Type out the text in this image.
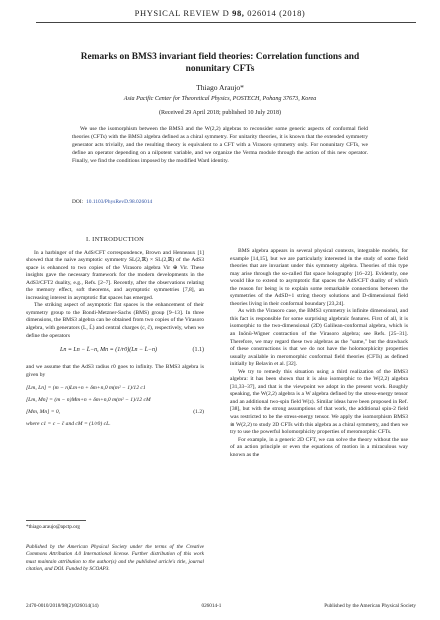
PHYSICAL REVIEW D 98, 026014 (2018)
Remarks on BMS3 invariant field theories: Correlation functions and nonunitary CFTs
Thiago Araujo*
Asia Pacific Center for Theoretical Physics, POSTECH, Pohang 37673, Korea
(Received 29 April 2018; published 10 July 2018)

We use the isomorphism between the BMS3 and the W(2,2) algebras to reconsider some generic aspects of conformal field theories (CFTs) with the BMS3 algebra defined as a chiral symmetry. For unitarity theories, it is known that the extended symmetry generator acts trivially, and the resulting theory is equivalent to a CFT with a Virasoro symmetry only. For nonunitary CFTs, we define an operator depending on a nilpotent variable, and we organize the Verma module through the action of this new operator. Finally, we find the conditions imposed by the modified Ward identity.

DOI: 10.1103/PhysRevD.98.026014
I. INTRODUCTION

In a harbinger of the AdS/CFT correspondence, Brown and Henneaux [1] showed that the naive asymptotic symmetry SL(2,ℝ) × SL(2,ℝ) of the AdS3 space is enhanced to two copies of the Virasoro algebra Vir ⊕ Vir. These insights gave the necessary framework for the modern developments in the AdS3/CFT2 duality, e.g., Refs. [2–7]. Recently, after the observations relating the memory effect, soft theorems, and asymptotic symmetries [7,8], an increasing interest in asymptotic flat spaces has emerged.

The striking aspect of asymptotic flat spaces is the enhancement of their symmetry group to the Bondi-Metzner-Sachs (BMS) group [9–13]. In three dimensions, the BMS3 algebra can be obtained from two copies of the Virasoro algebra, with generators (L, L̄) and central charges (c, c̄), respectively, when we define the operators

Ln ≡ Ln − L̄−n, Mn ≡ (1/r0)(Ln − L̄−n)	(1.1)

and we assume that the AdS3 radius r0 goes to infinity. The BMS3 algebra is given by

[Lm, Ln] = (m − n)Lm+n + δm+n,0 m(m² − 1)/12 c1
[Lm, Mn] = (m − n)Mm+n + δm+n,0 m(m² − 1)/12 cM
[Mm, Mn] = 0,	(1.2)
where c1 = c − c̄ and cM = (1/r0) cL.
*thiago.araujo@apctp.org
Published by the American Physical Society under the terms of the Creative Commons Attribution 4.0 International license. Further distribution of this work must maintain attribution to the author(s) and the published article's title, journal citation, and DOI. Funded by SCOAP3.

BMS algebra appears in several physical contexts, integrable models, for example [14,15], but we are particularly interested in the study of some field theories that are invariant under this symmetry algebra. Theories of this type may arise through the so-called flat space holography [16–22]. Evidently, one would like to extend to asymptotic flat spaces the AdS/CFT duality of which the reason for being is to explain some remarkable connections between the symmetries of the AdSD+1 string theory solutions and D-dimensional field theories living in their conformal boundary [23,24].

As with the Virasoro case, the BMS3 symmetry is infinite dimensional, and this fact is responsible for some surprising algebraic features. First of all, it is isomorphic to the two-dimensional (2D) Galilean-conformal algebra, which is an Inönü-Wigner contraction of the Virasoro algebra; see Refs. [25–31]. Therefore, we may regard these two algebras as the "same," but the drawback of these constructions is that we do not have the holomorphicity properties usually available in meromorphic conformal field theories (CFTs) as defined initially by Belavin et al. [32].

We try to remedy this situation using a third realization of the BMS3 algebra: it has been shown that it is also isomorphic to the W(2,2) algebra [31,33–37], and that is the viewpoint we adopt in the present work. Roughly speaking, the W(2,2) algebra is a W algebra defined by the stress-energy tensor and an additional two-spin field W(z). Similar ideas have been proposed in Ref. [38], but with the strong assumptions of that work, the additional spin-2 field was restricted to be the stress-energy tensor. We apply the isomorphism BMS3 ≅ W(2,2) to study 2D CFTs with this algebra as a chiral symmetry, and then we try to use the powerful holomorphicity properties of meromorphic CFTs.

For example, in a generic 2D CFT, we can solve the theory without the use of an action principle or even the equations of motion in a miraculous way known as the

2470-0010/2018/98(2)/026014(14)	026014-1	Published by the American Physical Society
